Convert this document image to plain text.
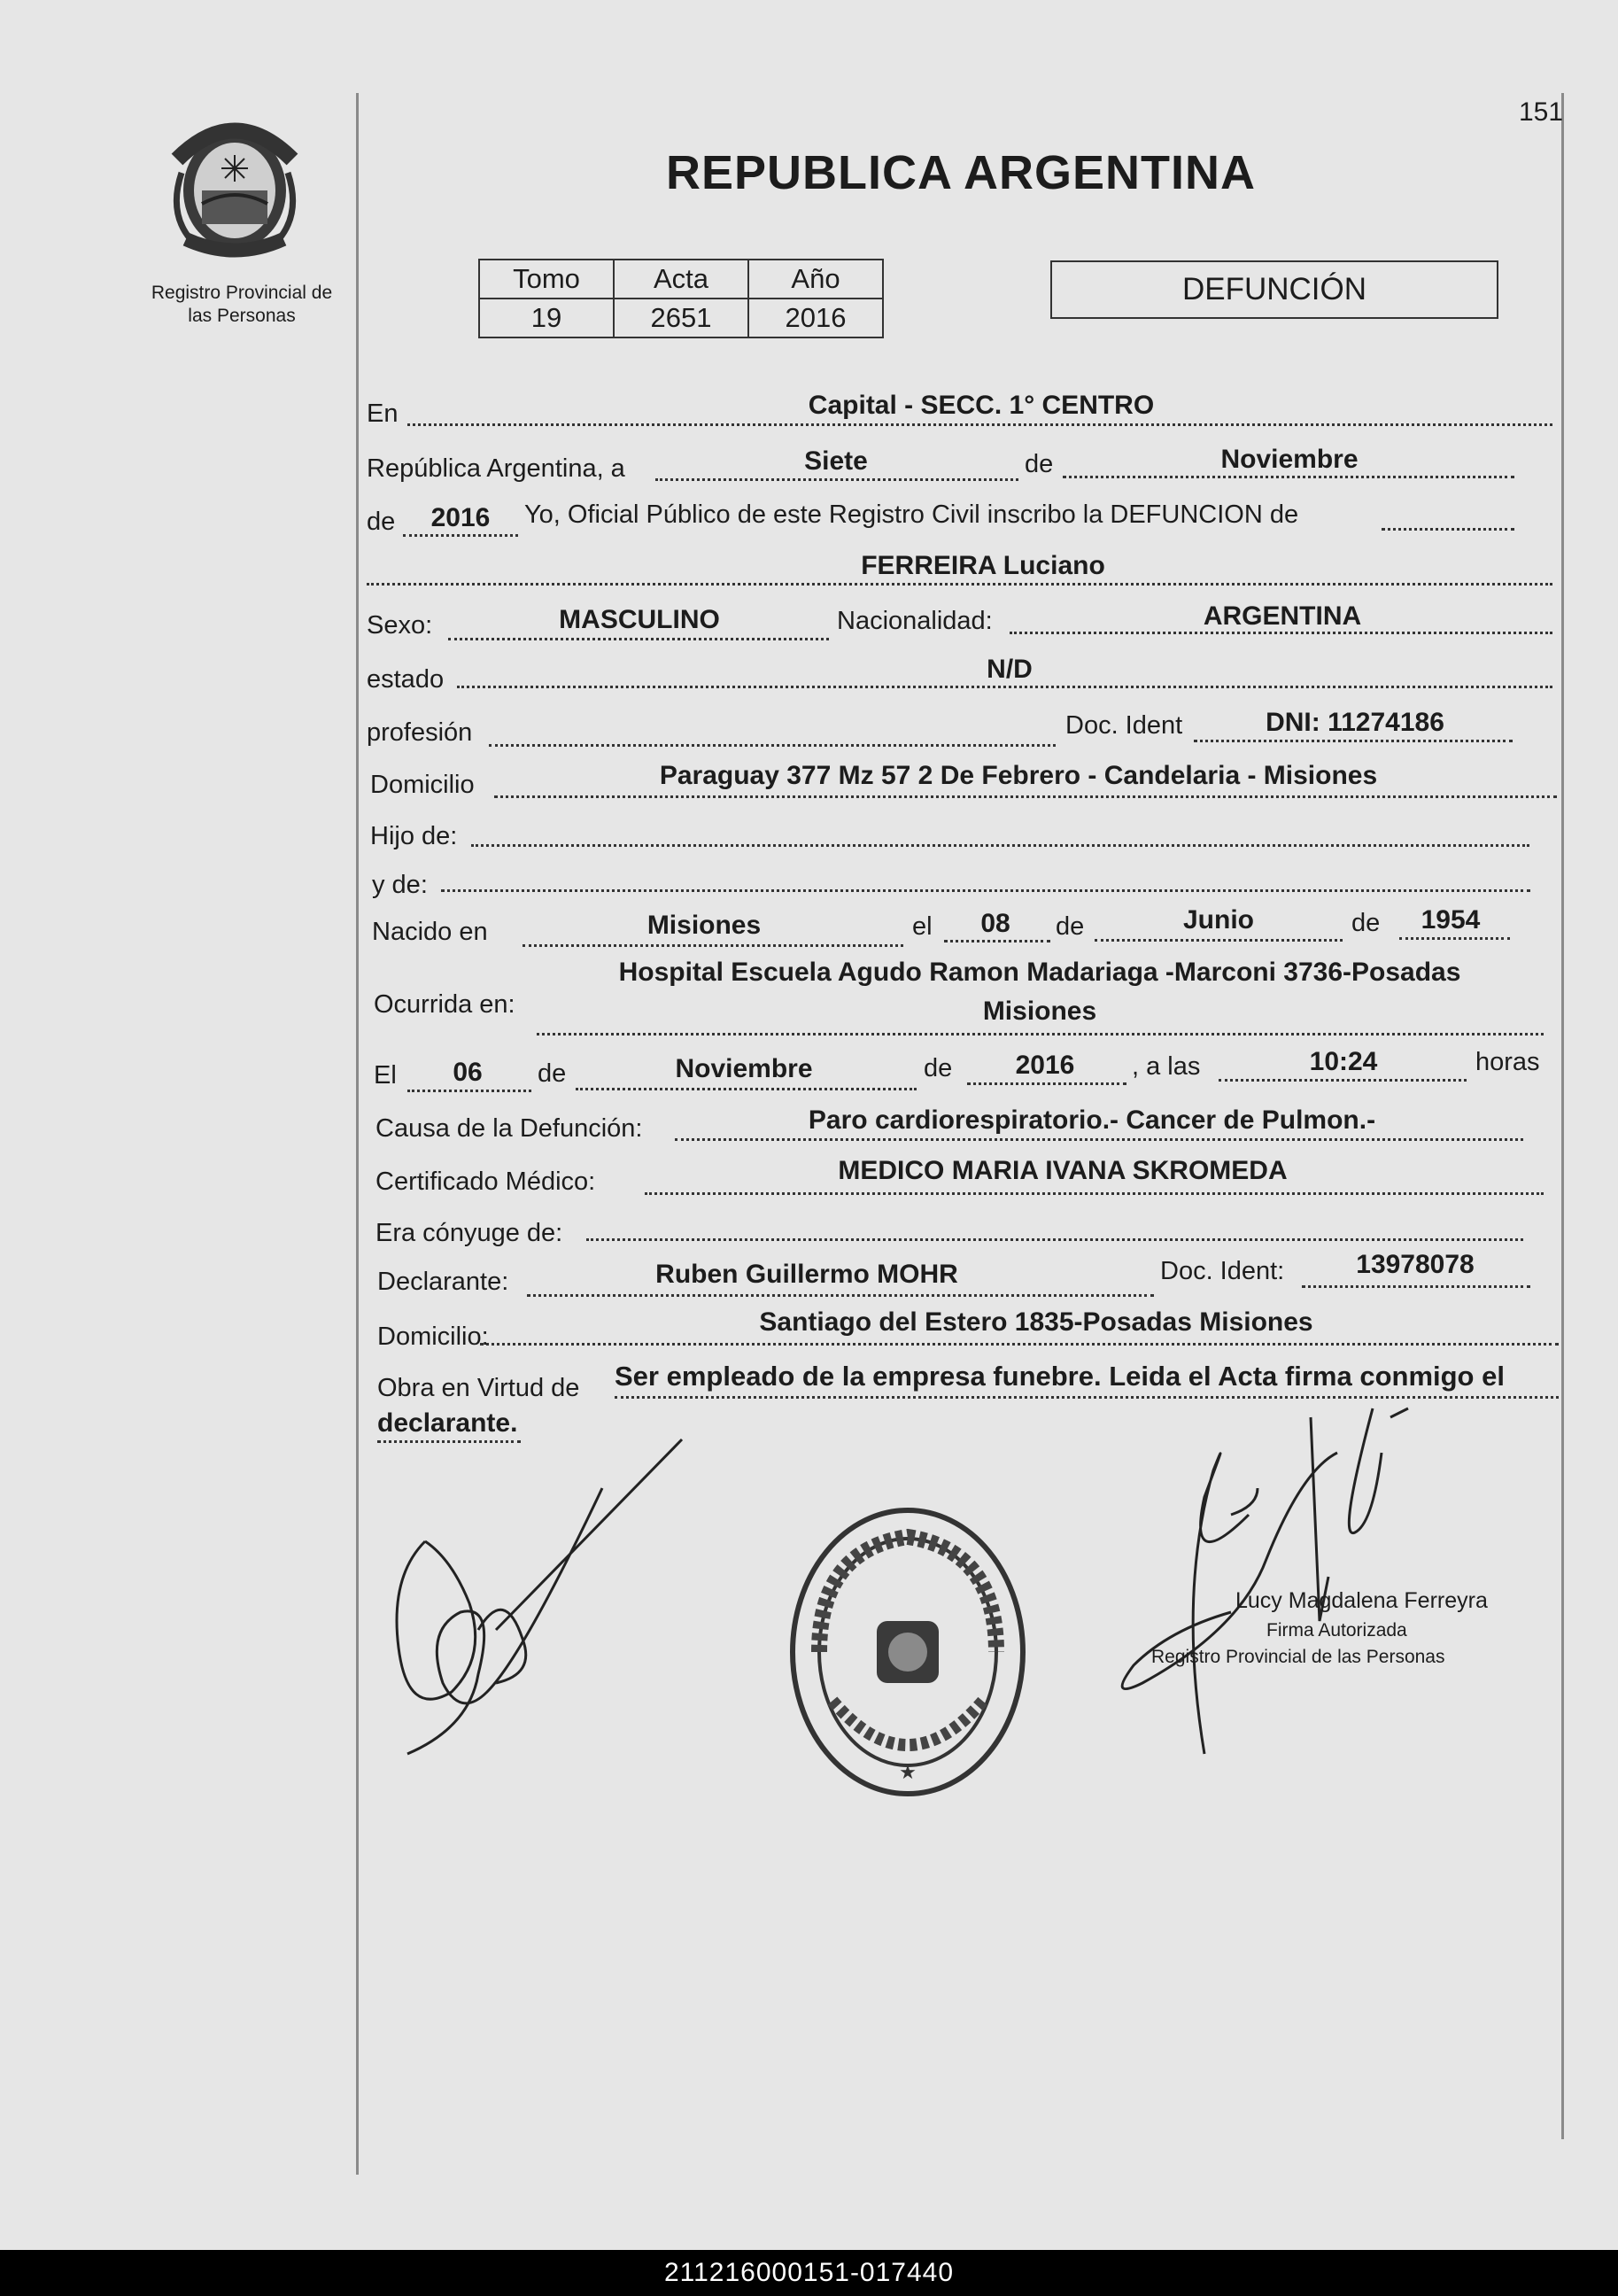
151
REPUBLICA ARGENTINA
Registro Provincial de
las Personas
Tomo	Acta	Año
19	2651	2016
DEFUNCIÓN
En	Capital - SECC. 1° CENTRO
República Argentina, a	Siete	de	Noviembre
de 2016 Yo, Oficial Público de este Registro Civil inscribo la DEFUNCION de
FERREIRA Luciano
Sexo:	MASCULINO	Nacionalidad:	ARGENTINA
estado	N/D
profesión	Doc. Ident	DNI: 11274186
Domicilio	Paraguay 377 Mz 57 2 De Febrero - Candelaria - Misiones
Hijo de:
y de:
Nacido en	Misiones	el 08 de	Junio	de 1954
Hospital Escuela Agudo Ramon Madariaga -Marconi 3736-Posadas
Ocurrida en:	Misiones
El 06 de	Noviembre	de 2016 , a las	10:24	horas
Causa de la Defunción:	Paro cardiorespiratorio.- Cancer de Pulmon.-
Certificado Médico:	MEDICO MARIA IVANA SKROMEDA
Era cónyuge de:
Declarante:	Ruben Guillermo MOHR	Doc. Ident:	13978078
Domicilio:	Santiago del Estero 1835-Posadas Misiones
Obra en Virtud de Ser empleado de la empresa funebre. Leida el Acta firma conmigo el
declarante.
★
Lucy Magdalena Ferreyra
Firma Autorizada
Registro Provincial de las Personas
211216000151-017440
